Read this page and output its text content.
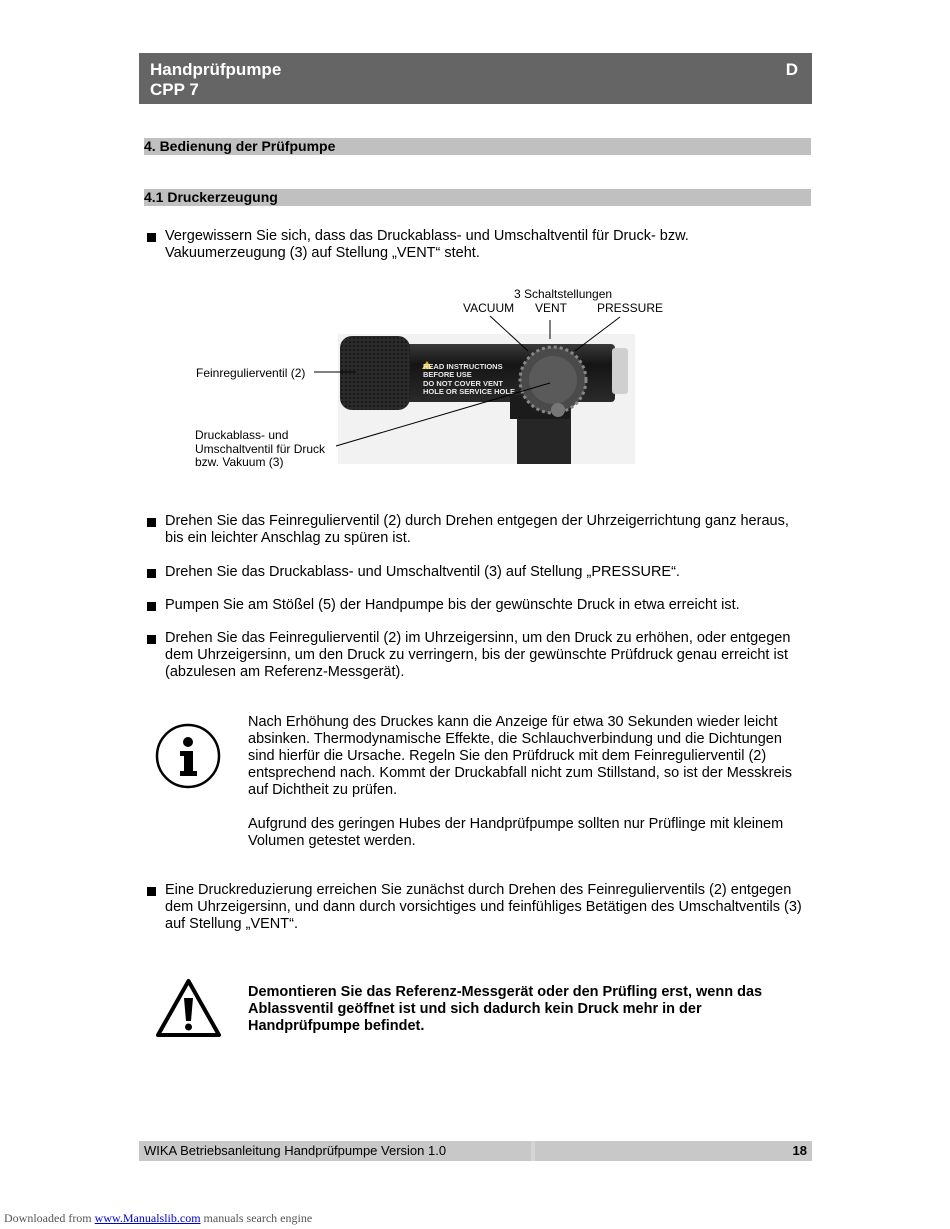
Handprüfpumpe
CPP 7
D
4. Bedienung der Prüfpumpe
4.1 Druckerzeugung
Vergewissern Sie sich, dass das Druckablass- und Umschaltventil für Druck- bzw.
Vakuumerzeugung (3) auf Stellung „VENT“ steht.
3 Schaltstellungen
VACUUM VENT PRESSURE
Feinregulierventil (2)
Druckablass- und
Umschaltventil für Druck
bzw. Vakuum (3)
READ INSTRUCTIONS
BEFORE USE
DO NOT COVER VENT
HOLE OR SERVICE HOLE
Drehen Sie das Feinregulierventil (2) durch Drehen entgegen der Uhrzeigerrichtung ganz heraus,
bis ein leichter Anschlag zu spüren ist.
Drehen Sie das Druckablass- und Umschaltventil (3) auf Stellung „PRESSURE“.
Pumpen Sie am Stößel (5) der Handpumpe bis der gewünschte Druck in etwa erreicht ist.
Drehen Sie das Feinregulierventil (2) im Uhrzeigersinn, um den Druck zu erhöhen, oder entgegen
dem Uhrzeigersinn, um den Druck zu verringern, bis der gewünschte Prüfdruck genau erreicht ist
(abzulesen am Referenz-Messgerät).
Nach Erhöhung des Druckes kann die Anzeige für etwa 30 Sekunden wieder leicht
absinken. Thermodynamische Effekte, die Schlauchverbindung und die Dichtungen
sind hierfür die Ursache. Regeln Sie den Prüfdruck mit dem Feinregulierventil (2)
entsprechend nach. Kommt der Druckabfall nicht zum Stillstand, so ist der Messkreis
auf Dichtheit zu prüfen.
Aufgrund des geringen Hubes der Handprüfpumpe sollten nur Prüflinge mit kleinem
Volumen getestet werden.
Eine Druckreduzierung erreichen Sie zunächst durch Drehen des Feinregulierventils (2) entgegen
dem Uhrzeigersinn, und dann durch vorsichtiges und feinfühliges Betätigen des Umschaltventils (3)
auf Stellung „VENT“.
Demontieren Sie das Referenz-Messgerät oder den Prüfling erst, wenn das
Ablassventil geöffnet ist und sich dadurch kein Druck mehr in der
Handprüfpumpe befindet.
WIKA Betriebsanleitung Handprüfpumpe Version 1.0	18
Downloaded from www.Manualslib.com manuals search engine
